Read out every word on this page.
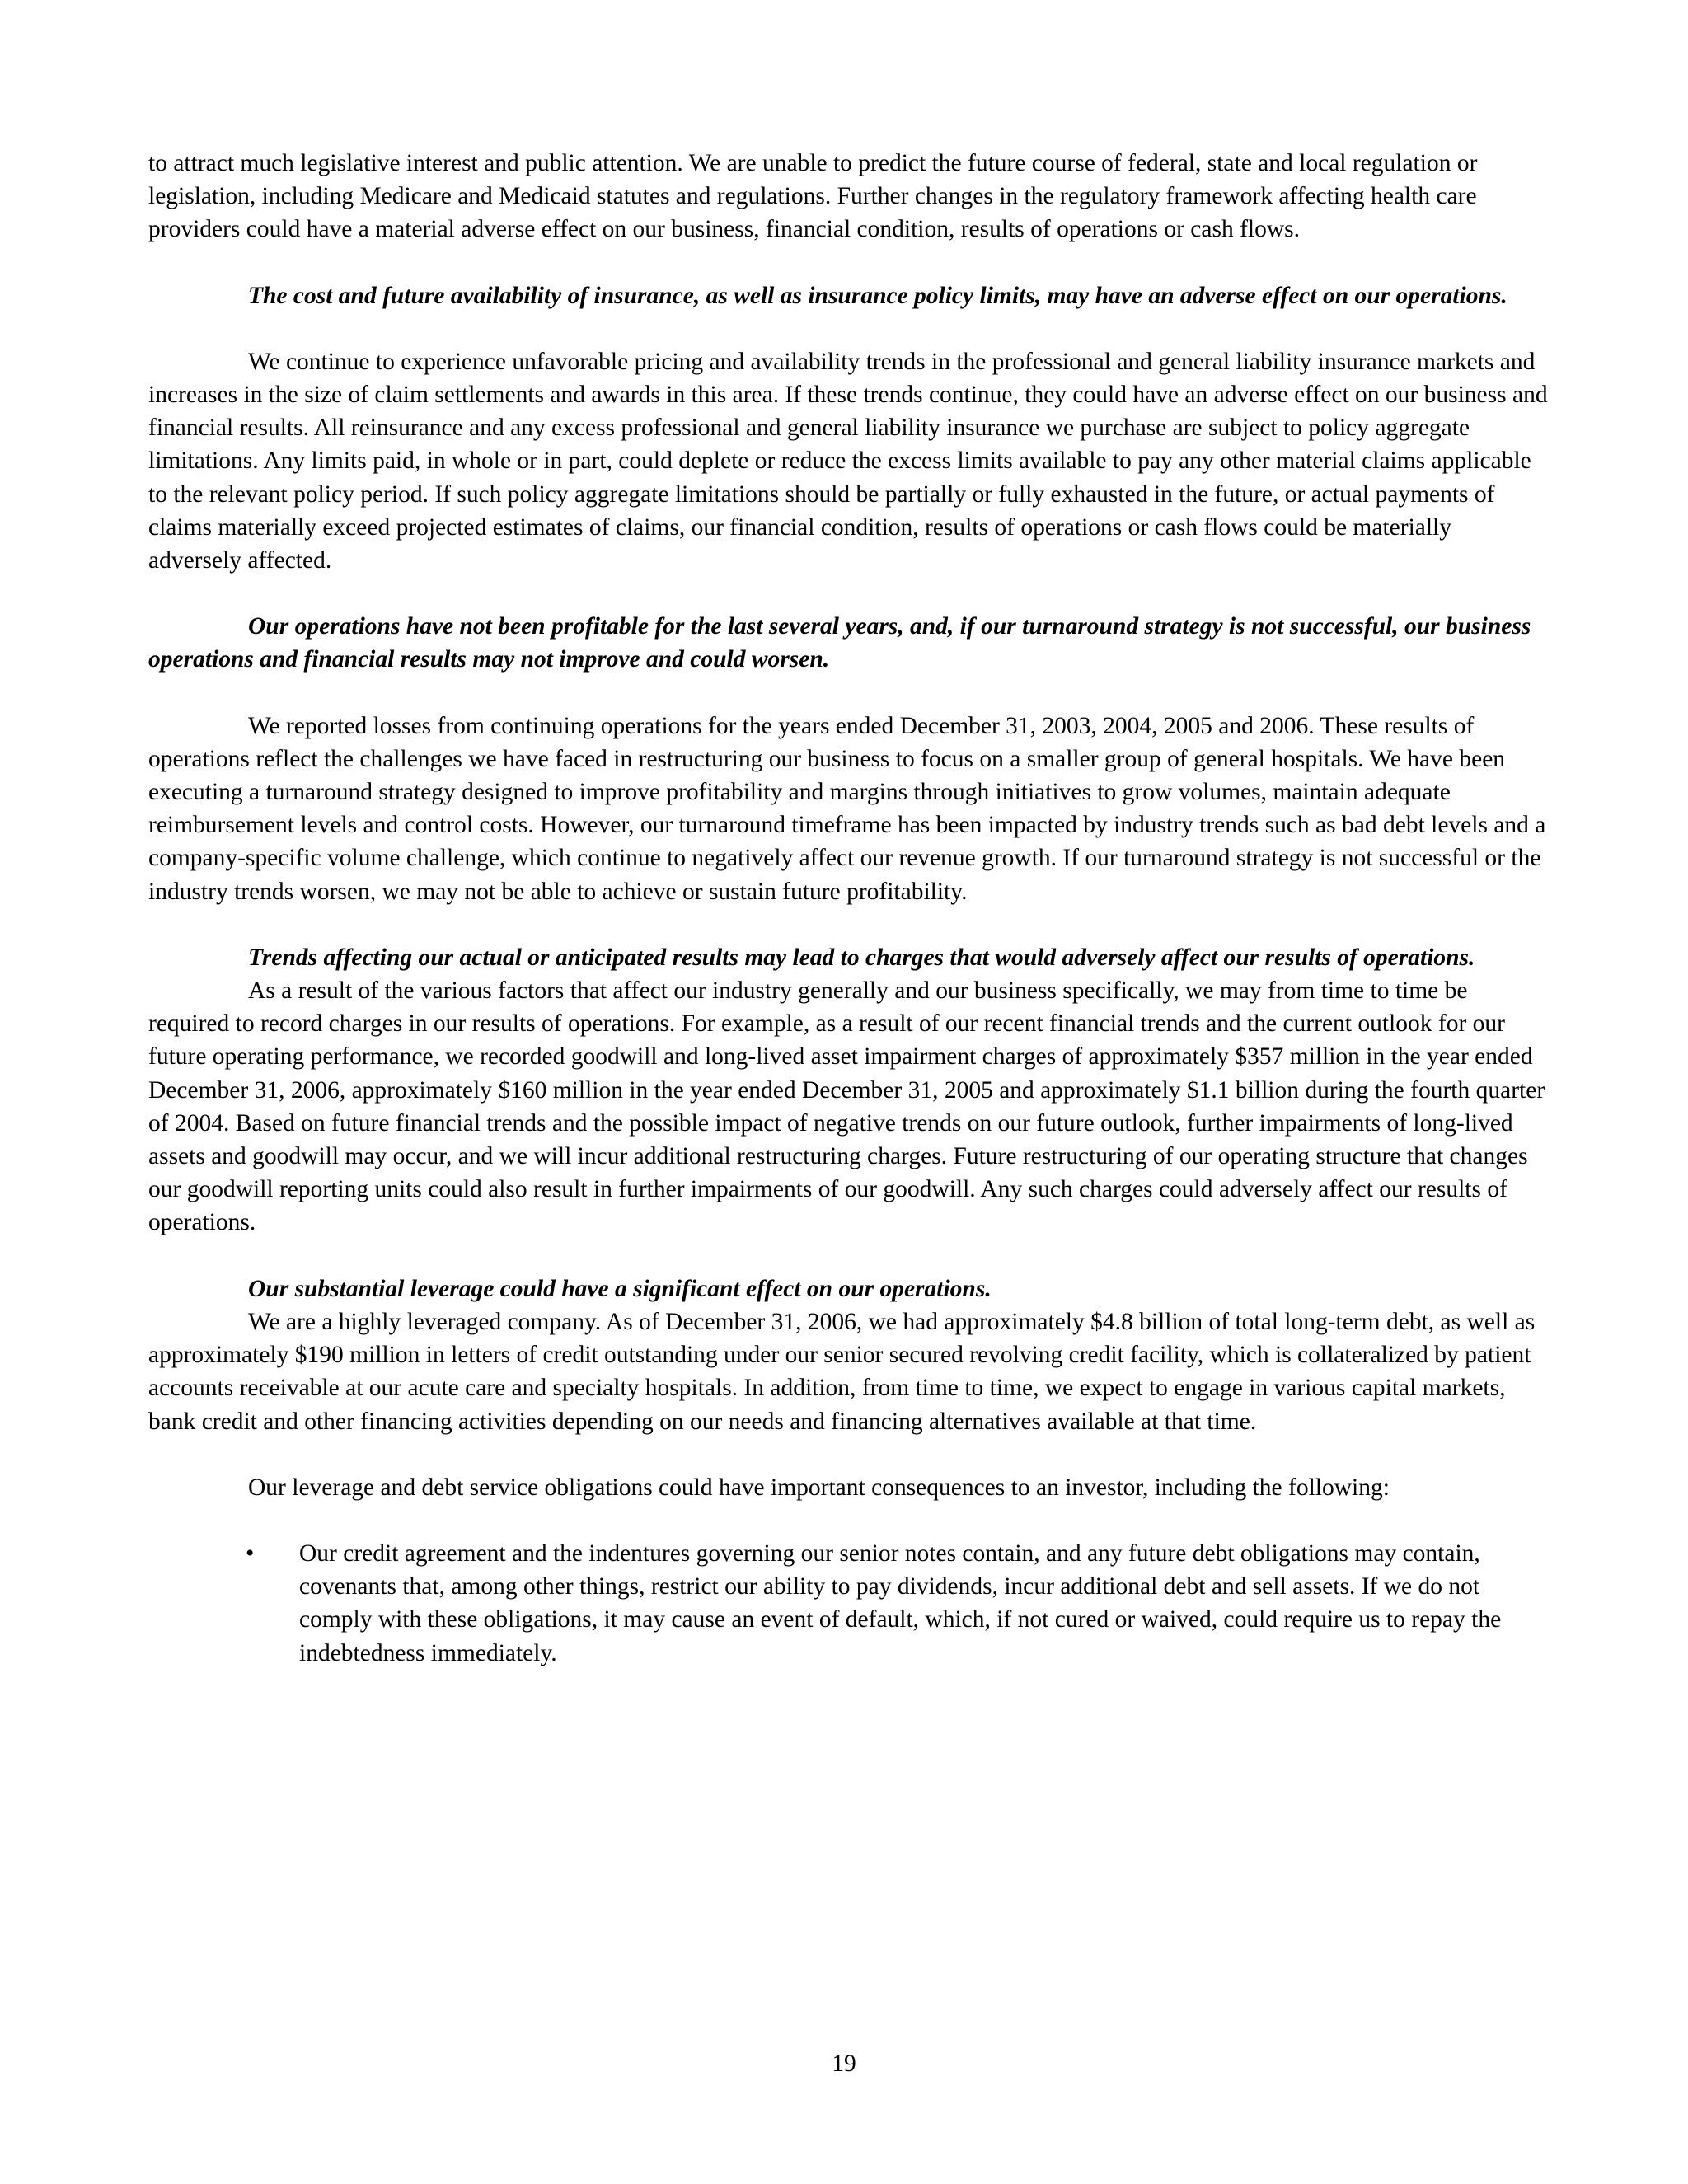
to attract much legislative interest and public attention. We are unable to predict the future course of federal, state and local regulation or legislation, including Medicare and Medicaid statutes and regulations. Further changes in the regulatory framework affecting health care providers could have a material adverse effect on our business, financial condition, results of operations or cash flows.

The cost and future availability of insurance, as well as insurance policy limits, may have an adverse effect on our operations.

We continue to experience unfavorable pricing and availability trends in the professional and general liability insurance markets and increases in the size of claim settlements and awards in this area. If these trends continue, they could have an adverse effect on our business and financial results. All reinsurance and any excess professional and general liability insurance we purchase are subject to policy aggregate limitations. Any limits paid, in whole or in part, could deplete or reduce the excess limits available to pay any other material claims applicable to the relevant policy period. If such policy aggregate limitations should be partially or fully exhausted in the future, or actual payments of claims materially exceed projected estimates of claims, our financial condition, results of operations or cash flows could be materially adversely affected.

Our operations have not been profitable for the last several years, and, if our turnaround strategy is not successful, our business operations and financial results may not improve and could worsen.

We reported losses from continuing operations for the years ended December 31, 2003, 2004, 2005 and 2006. These results of operations reflect the challenges we have faced in restructuring our business to focus on a smaller group of general hospitals. We have been executing a turnaround strategy designed to improve profitability and margins through initiatives to grow volumes, maintain adequate reimbursement levels and control costs. However, our turnaround timeframe has been impacted by industry trends such as bad debt levels and a company-specific volume challenge, which continue to negatively affect our revenue growth. If our turnaround strategy is not successful or the industry trends worsen, we may not be able to achieve or sustain future profitability.

Trends affecting our actual or anticipated results may lead to charges that would adversely affect our results of operations.

As a result of the various factors that affect our industry generally and our business specifically, we may from time to time be required to record charges in our results of operations. For example, as a result of our recent financial trends and the current outlook for our future operating performance, we recorded goodwill and long-lived asset impairment charges of approximately $357 million in the year ended December 31, 2006, approximately $160 million in the year ended December 31, 2005 and approximately $1.1 billion during the fourth quarter of 2004. Based on future financial trends and the possible impact of negative trends on our future outlook, further impairments of long-lived assets and goodwill may occur, and we will incur additional restructuring charges. Future restructuring of our operating structure that changes our goodwill reporting units could also result in further impairments of our goodwill. Any such charges could adversely affect our results of operations.

Our substantial leverage could have a significant effect on our operations.

We are a highly leveraged company. As of December 31, 2006, we had approximately $4.8 billion of total long-term debt, as well as approximately $190 million in letters of credit outstanding under our senior secured revolving credit facility, which is collateralized by patient accounts receivable at our acute care and specialty hospitals. In addition, from time to time, we expect to engage in various capital markets, bank credit and other financing activities depending on our needs and financing alternatives available at that time.

Our leverage and debt service obligations could have important consequences to an investor, including the following:

•	Our credit agreement and the indentures governing our senior notes contain, and any future debt obligations may contain, covenants that, among other things, restrict our ability to pay dividends, incur additional debt and sell assets. If we do not comply with these obligations, it may cause an event of default, which, if not cured or waived, could require us to repay the indebtedness immediately.
19
